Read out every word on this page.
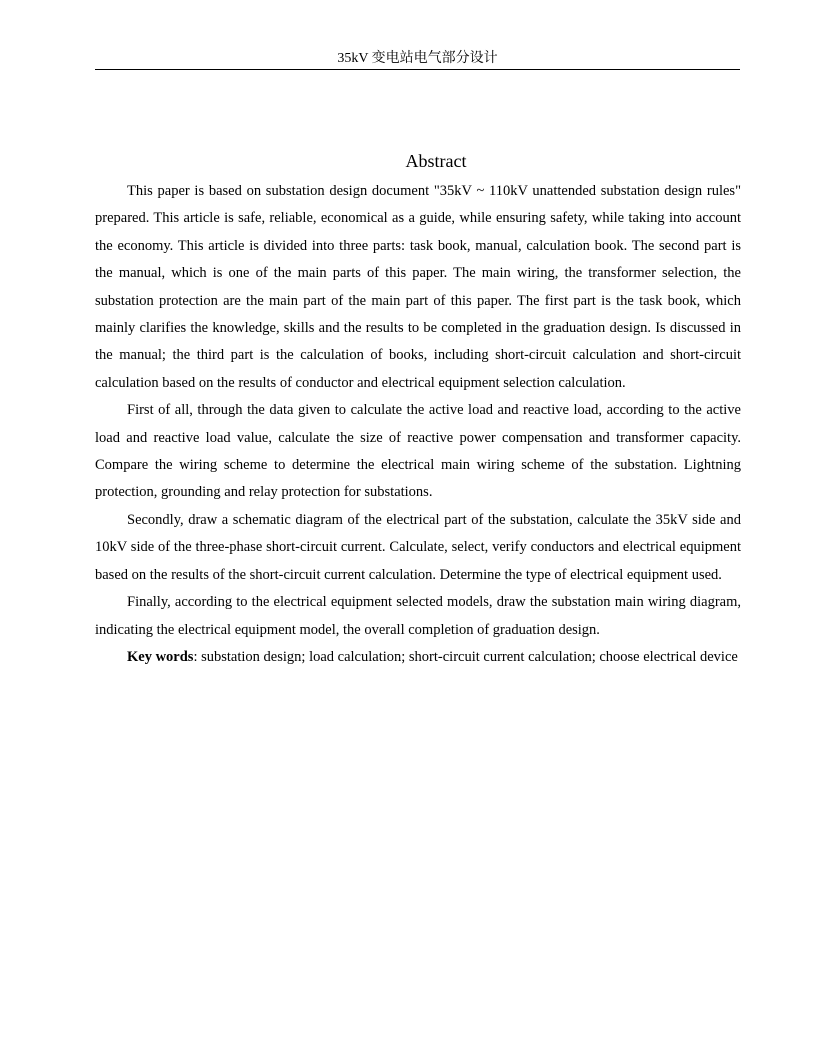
35kV 变电站电气部分设计
Abstract

This paper is based on substation design document "35kV ~ 110kV unattended substation design rules" prepared. This article is safe, reliable, economical as a guide, while ensuring safety, while taking into account the economy. This article is divided into three parts: task book, manual, calculation book. The second part is the manual, which is one of the main parts of this paper. The main wiring, the transformer selection, the substation protection are the main part of the main part of this paper. The first part is the task book, which mainly clarifies the knowledge, skills and the results to be completed in the graduation design. Is discussed in the manual; the third part is the calculation of books, including short-circuit calculation and short-circuit calculation based on the results of conductor and electrical equipment selection calculation.

First of all, through the data given to calculate the active load and reactive load, according to the active load and reactive load value, calculate the size of reactive power compensation and transformer capacity. Compare the wiring scheme to determine the electrical main wiring scheme of the substation. Lightning protection, grounding and relay protection for substations.

Secondly, draw a schematic diagram of the electrical part of the substation, calculate the 35kV side and 10kV side of the three-phase short-circuit current. Calculate, select, verify conductors and electrical equipment based on the results of the short-circuit current calculation. Determine the type of electrical equipment used.

Finally, according to the electrical equipment selected models, draw the substation main wiring diagram, indicating the electrical equipment model, the overall completion of graduation design.

Key words: substation design; load calculation; short-circuit current calculation; choose electrical device
